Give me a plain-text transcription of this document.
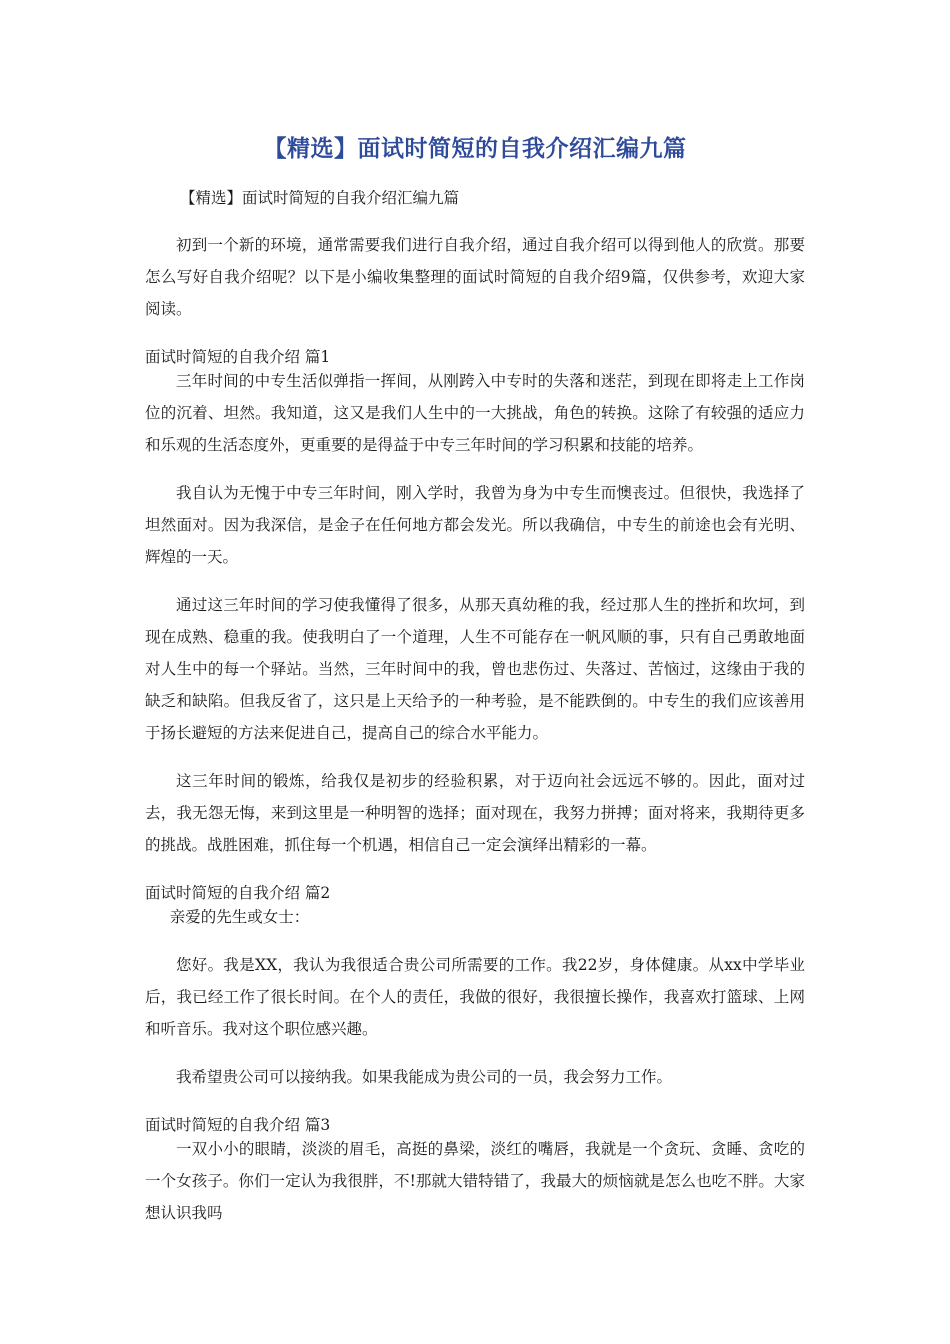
【精选】面试时简短的自我介绍汇编九篇
【精选】面试时简短的自我介绍汇编九篇

初到一个新的环境，通常需要我们进行自我介绍，通过自我介绍可以得到他人的欣赏。那要怎么写好自我介绍呢？以下是小编收集整理的面试时简短的自我介绍9篇，仅供参考，欢迎大家阅读。

面试时简短的自我介绍 篇1

三年时间的中专生活似弹指一挥间，从刚跨入中专时的失落和迷茫，到现在即将走上工作岗位的沉着、坦然。我知道，这又是我们人生中的一大挑战，角色的转换。这除了有较强的适应力和乐观的生活态度外，更重要的是得益于中专三年时间的学习积累和技能的培养。

我自认为无愧于中专三年时间，刚入学时，我曾为身为中专生而懊丧过。但很快，我选择了坦然面对。因为我深信，是金子在任何地方都会发光。所以我确信，中专生的前途也会有光明、辉煌的一天。

通过这三年时间的学习使我懂得了很多，从那天真幼稚的我，经过那人生的挫折和坎坷，到现在成熟、稳重的我。使我明白了一个道理，人生不可能存在一帆风顺的事，只有自己勇敢地面对人生中的每一个驿站。当然，三年时间中的我，曾也悲伤过、失落过、苦恼过，这缘由于我的缺乏和缺陷。但我反省了，这只是上天给予的一种考验，是不能跌倒的。中专生的我们应该善用于扬长避短的方法来促进自己，提高自己的综合水平能力。

这三年时间的锻炼，给我仅是初步的经验积累，对于迈向社会远远不够的。因此，面对过去，我无怨无悔，来到这里是一种明智的选择；面对现在，我努力拼搏；面对将来，我期待更多的挑战。战胜困难，抓住每一个机遇，相信自己一定会演绎出精彩的一幕。

面试时简短的自我介绍 篇2

亲爱的先生或女士：

您好。我是XX，我认为我很适合贵公司所需要的工作。我22岁，身体健康。从xx中学毕业后，我已经工作了很长时间。在个人的责任，我做的很好，我很擅长操作，我喜欢打篮球、上网和听音乐。我对这个职位感兴趣。

我希望贵公司可以接纳我。如果我能成为贵公司的一员，我会努力工作。

面试时简短的自我介绍 篇3

一双小小的眼睛，淡淡的眉毛，高挺的鼻梁，淡红的嘴唇，我就是一个贪玩、贪睡、贪吃的一个女孩子。你们一定认为我很胖，不!那就大错特错了，我最大的烦恼就是怎么也吃不胖。大家想认识我吗
